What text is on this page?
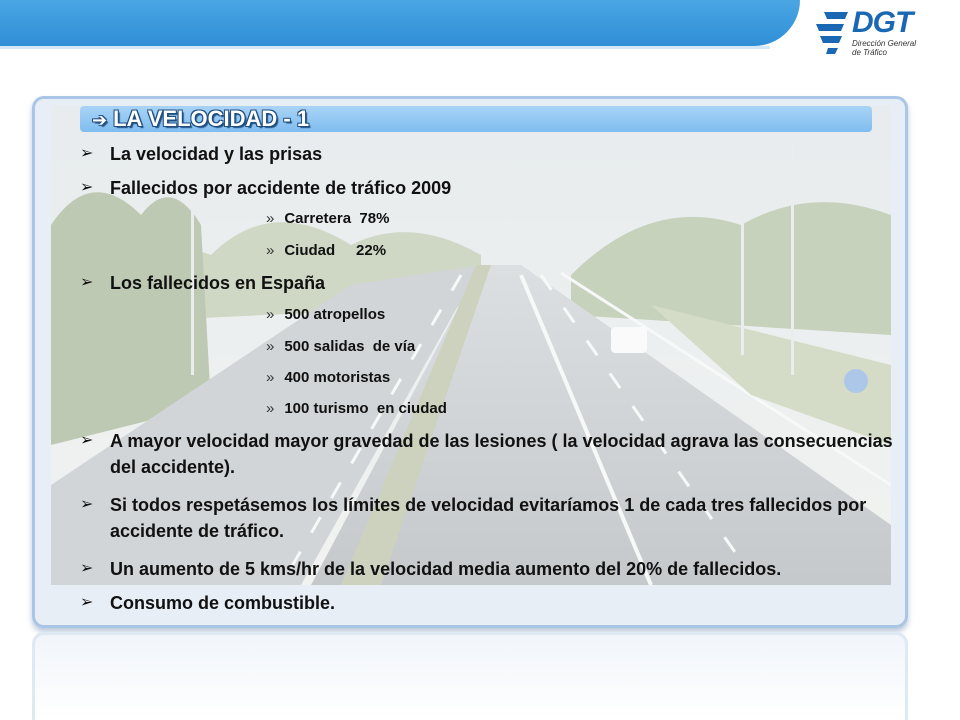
DGT
Dirección General
de Tráfico
➔ LA VELOCIDAD - 1
➢ La velocidad y las prisas
➢ Fallecidos por accidente de tráfico 2009
» Carretera  78%
» Ciudad     22%
➢ Los fallecidos en España
» 500 atropellos
» 500 salidas  de vía
» 400 motoristas
» 100 turismo  en ciudad
➢ A mayor velocidad mayor gravedad de las lesiones ( la velocidad agrava las consecuencias del accidente).
➢ Si todos respetásemos los límites de velocidad evitaríamos 1 de cada tres fallecidos por accidente de tráfico.
➢ Un aumento de 5 kms/hr de la velocidad media aumento del 20% de fallecidos.
➢ Consumo de combustible.
